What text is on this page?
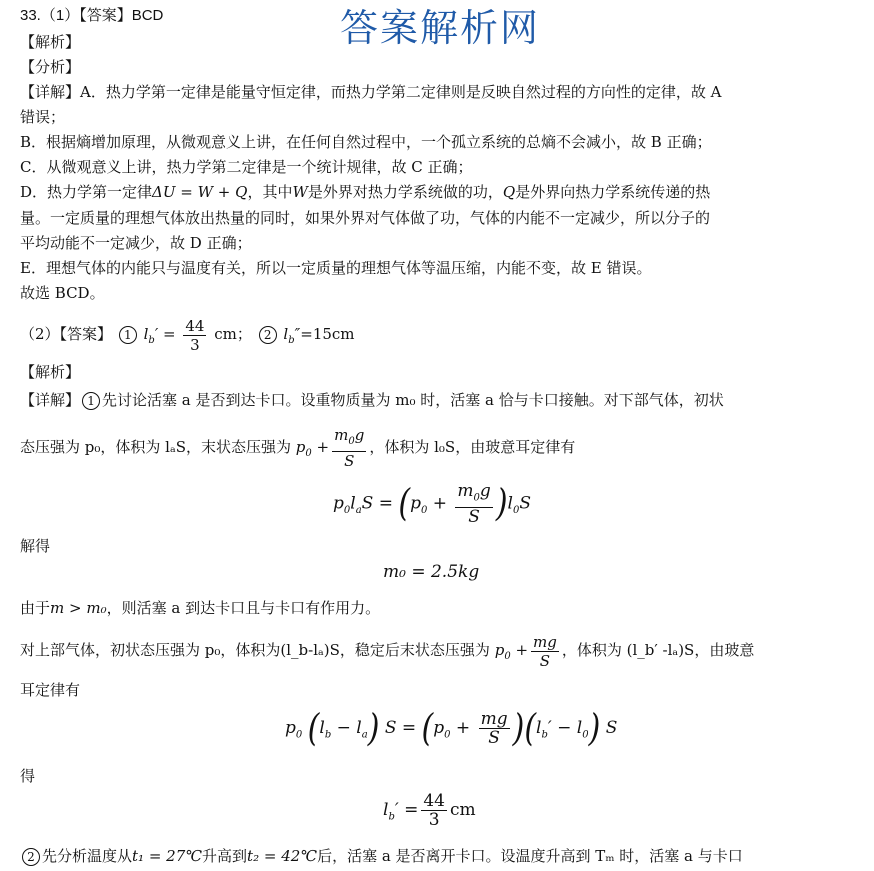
33.（1）【答案】BCD	答案解析网
【解析】
【分析】
【详解】A．热力学第一定律是能量守恒定律，而热力学第二定律则是反映自然过程的方向性的定律，故 A
错误；
B．根据熵增加原理，从微观意义上讲，在任何自然过程中，一个孤立系统的总熵不会减小，故 B 正确；
C．从微观意义上讲，热力学第二定律是一个统计规律，故 C 正确；
D．热力学第一定律ΔU = W + Q，其中W是外界对热力学系统做的功，Q是外界向热力学系统传递的热
量。一定质量的理想气体放出热量的同时，如果外界对气体做了功，气体的内能不一定减少，所以分子的
平均动能不一定减少，故 D 正确；
E．理想气体的内能只与温度有关，所以一定质量的理想气体等温压缩，内能不变，故 E 错误。
故选 BCD。
（2）【答案】 1 $l_b' = \frac{44}{3}$ cm； 2 $l_b''=15cm$
【解析】
【详解】 1 先讨论活塞 a 是否到达卡口。设重物质量为 m₀ 时，活塞 a 恰与卡口接触。对下部气体，初状
态压强为 p₀，体积为 lₐS，末状态压强为 $p_0 + \frac{m_0g}{S}$ ，体积为 l₀S，由玻意耳定律有
$p_0l_aS = (p_0 + \frac{m_0g}{S} )l_0S$
解得
m₀ = 2.5kg
由于m > m₀，则活塞 a 到达卡口且与卡口有作用力。
对上部气体，初状态压强为 p₀，体积为(l_b-lₐ)S，稳定后末状态压强为 $p_0 + \frac{mg}{S}$ ，体积为 (l_b′ -lₐ)S，由玻意
耳定律有
$p_0$ $(l_b - l_a) S = (p_0 + \frac{mg}{S} )(l_b' - l_0)$ S
得
$l_b' = \frac{44}{3}$ cm
2 先分析温度从t₁ = 27℃升高到t₂ = 42℃后，活塞 a 是否离开卡口。设温度升高到 Tₘ 时，活塞 a 与卡口
